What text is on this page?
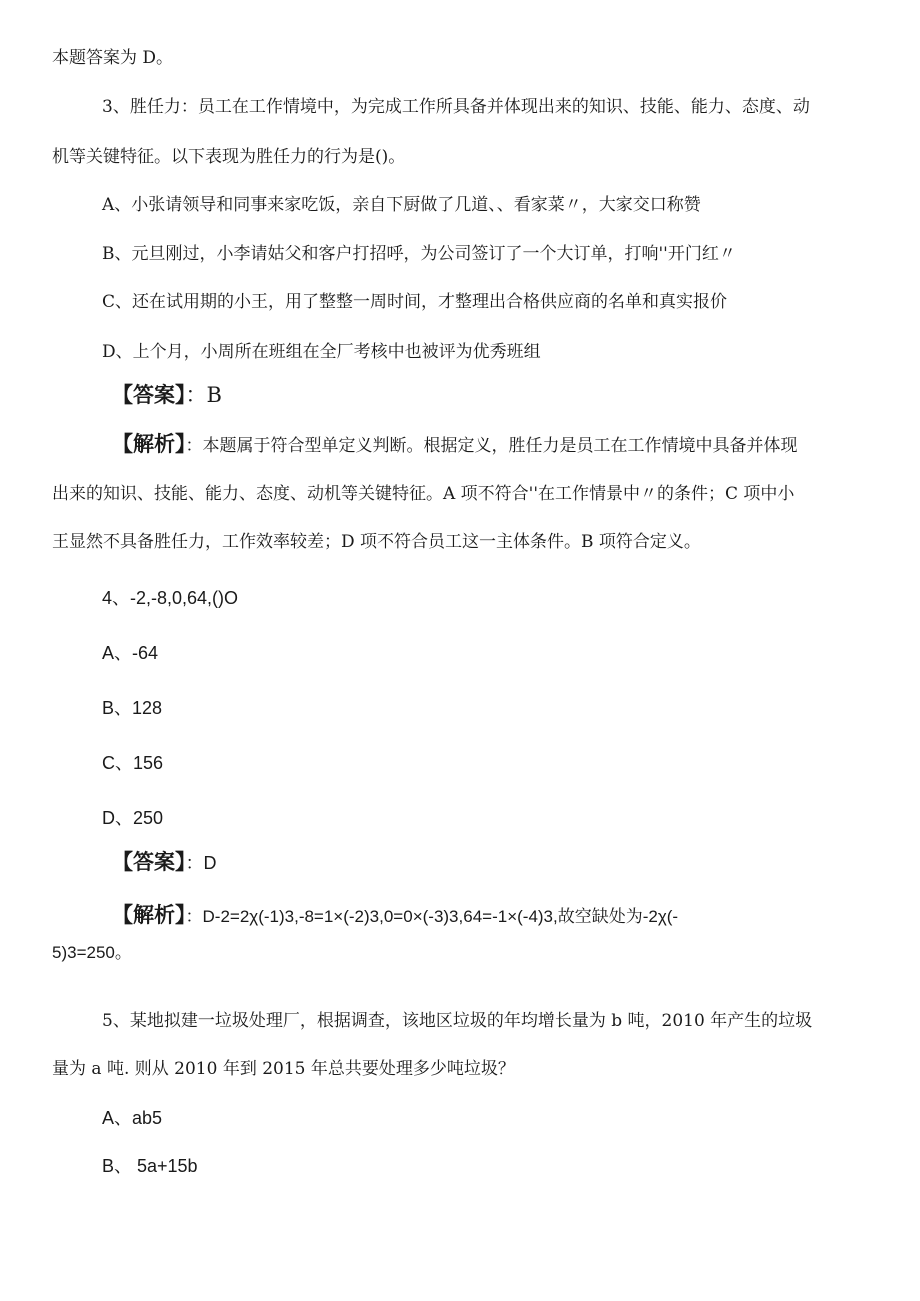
本题答案为 D。
3、胜任力：员工在工作情境中，为完成工作所具备并体现出来的知识、技能、能力、态度、动
机等关键特征。以下表现为胜任力的行为是()。
A、小张请领导和同事来家吃饭，亲自下厨做了几道、、看家菜〃，大家交口称赞
B、元旦刚过，小李请姑父和客户打招呼，为公司签订了一个大订单，打响''开门红〃
C、还在试用期的小王，用了整整一周时间，才整理出合格供应商的名单和真实报价
D、上个月，小周所在班组在全厂考核中也被评为优秀班组
【答案】：B
【解析】：本题属于符合型单定义判断。根据定义，胜任力是员工在工作情境中具备并体现
出来的知识、技能、能力、态度、动机等关键特征。A 项不符合''在工作情景中〃的条件；C 项中小
王显然不具备胜任力，工作效率较差；D 项不符合员工这一主体条件。B 项符合定义。
4、-2,-8,0,64,()O
A、-64
B、128
C、156
D、250
【答案】：D
【解析】：D-2=2χ(-1)3,-8=1×(-2)3,0=0×(-3)3,64=-1×(-4)3,故空缺处为-2χ(-
5)3=250。
5、某地拟建一垃圾处理厂，根据调查，该地区垃圾的年均增长量为 b 吨，2010 年产生的垃圾
量为 a 吨. 则从 2010 年到 2015 年总共要处理多少吨垃圾？
A、ab5
B、 5a+15b
